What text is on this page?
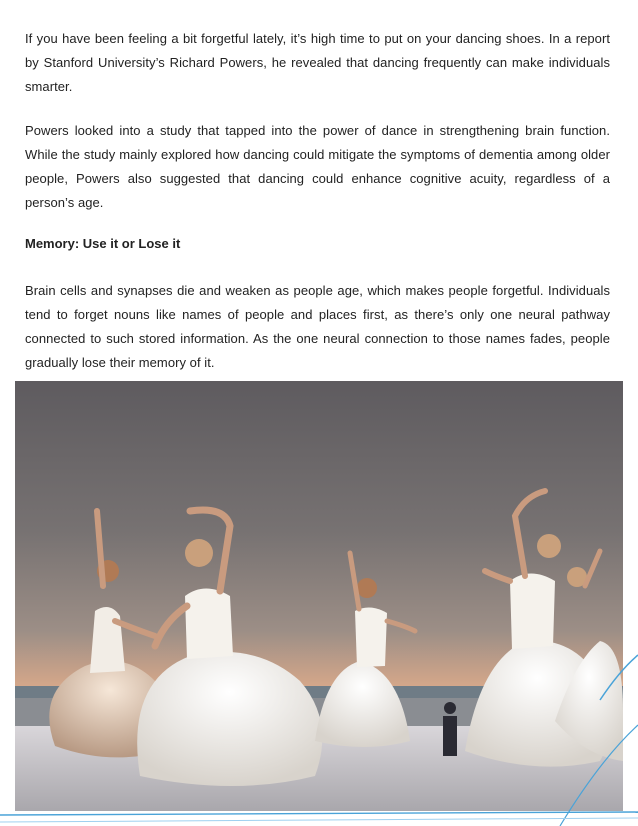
If you have been feeling a bit forgetful lately, it’s high time to put on your dancing shoes. In a report by Stanford University’s Richard Powers, he revealed that dancing frequently can make individuals smarter.

Powers looked into a study that tapped into the power of dance in strengthening brain function. While the study mainly explored how dancing could mitigate the symptoms of dementia among older people, Powers also suggested that dancing could enhance cognitive acuity, regardless of a person’s age.

Memory: Use it or Lose it

Brain cells and synapses die and weaken as people age, which makes people forgetful. Individuals tend to forget nouns like names of people and places first, as there’s only one neural pathway connected to such stored information. As the one neural connection to those names fades, people gradually lose their memory of it.
